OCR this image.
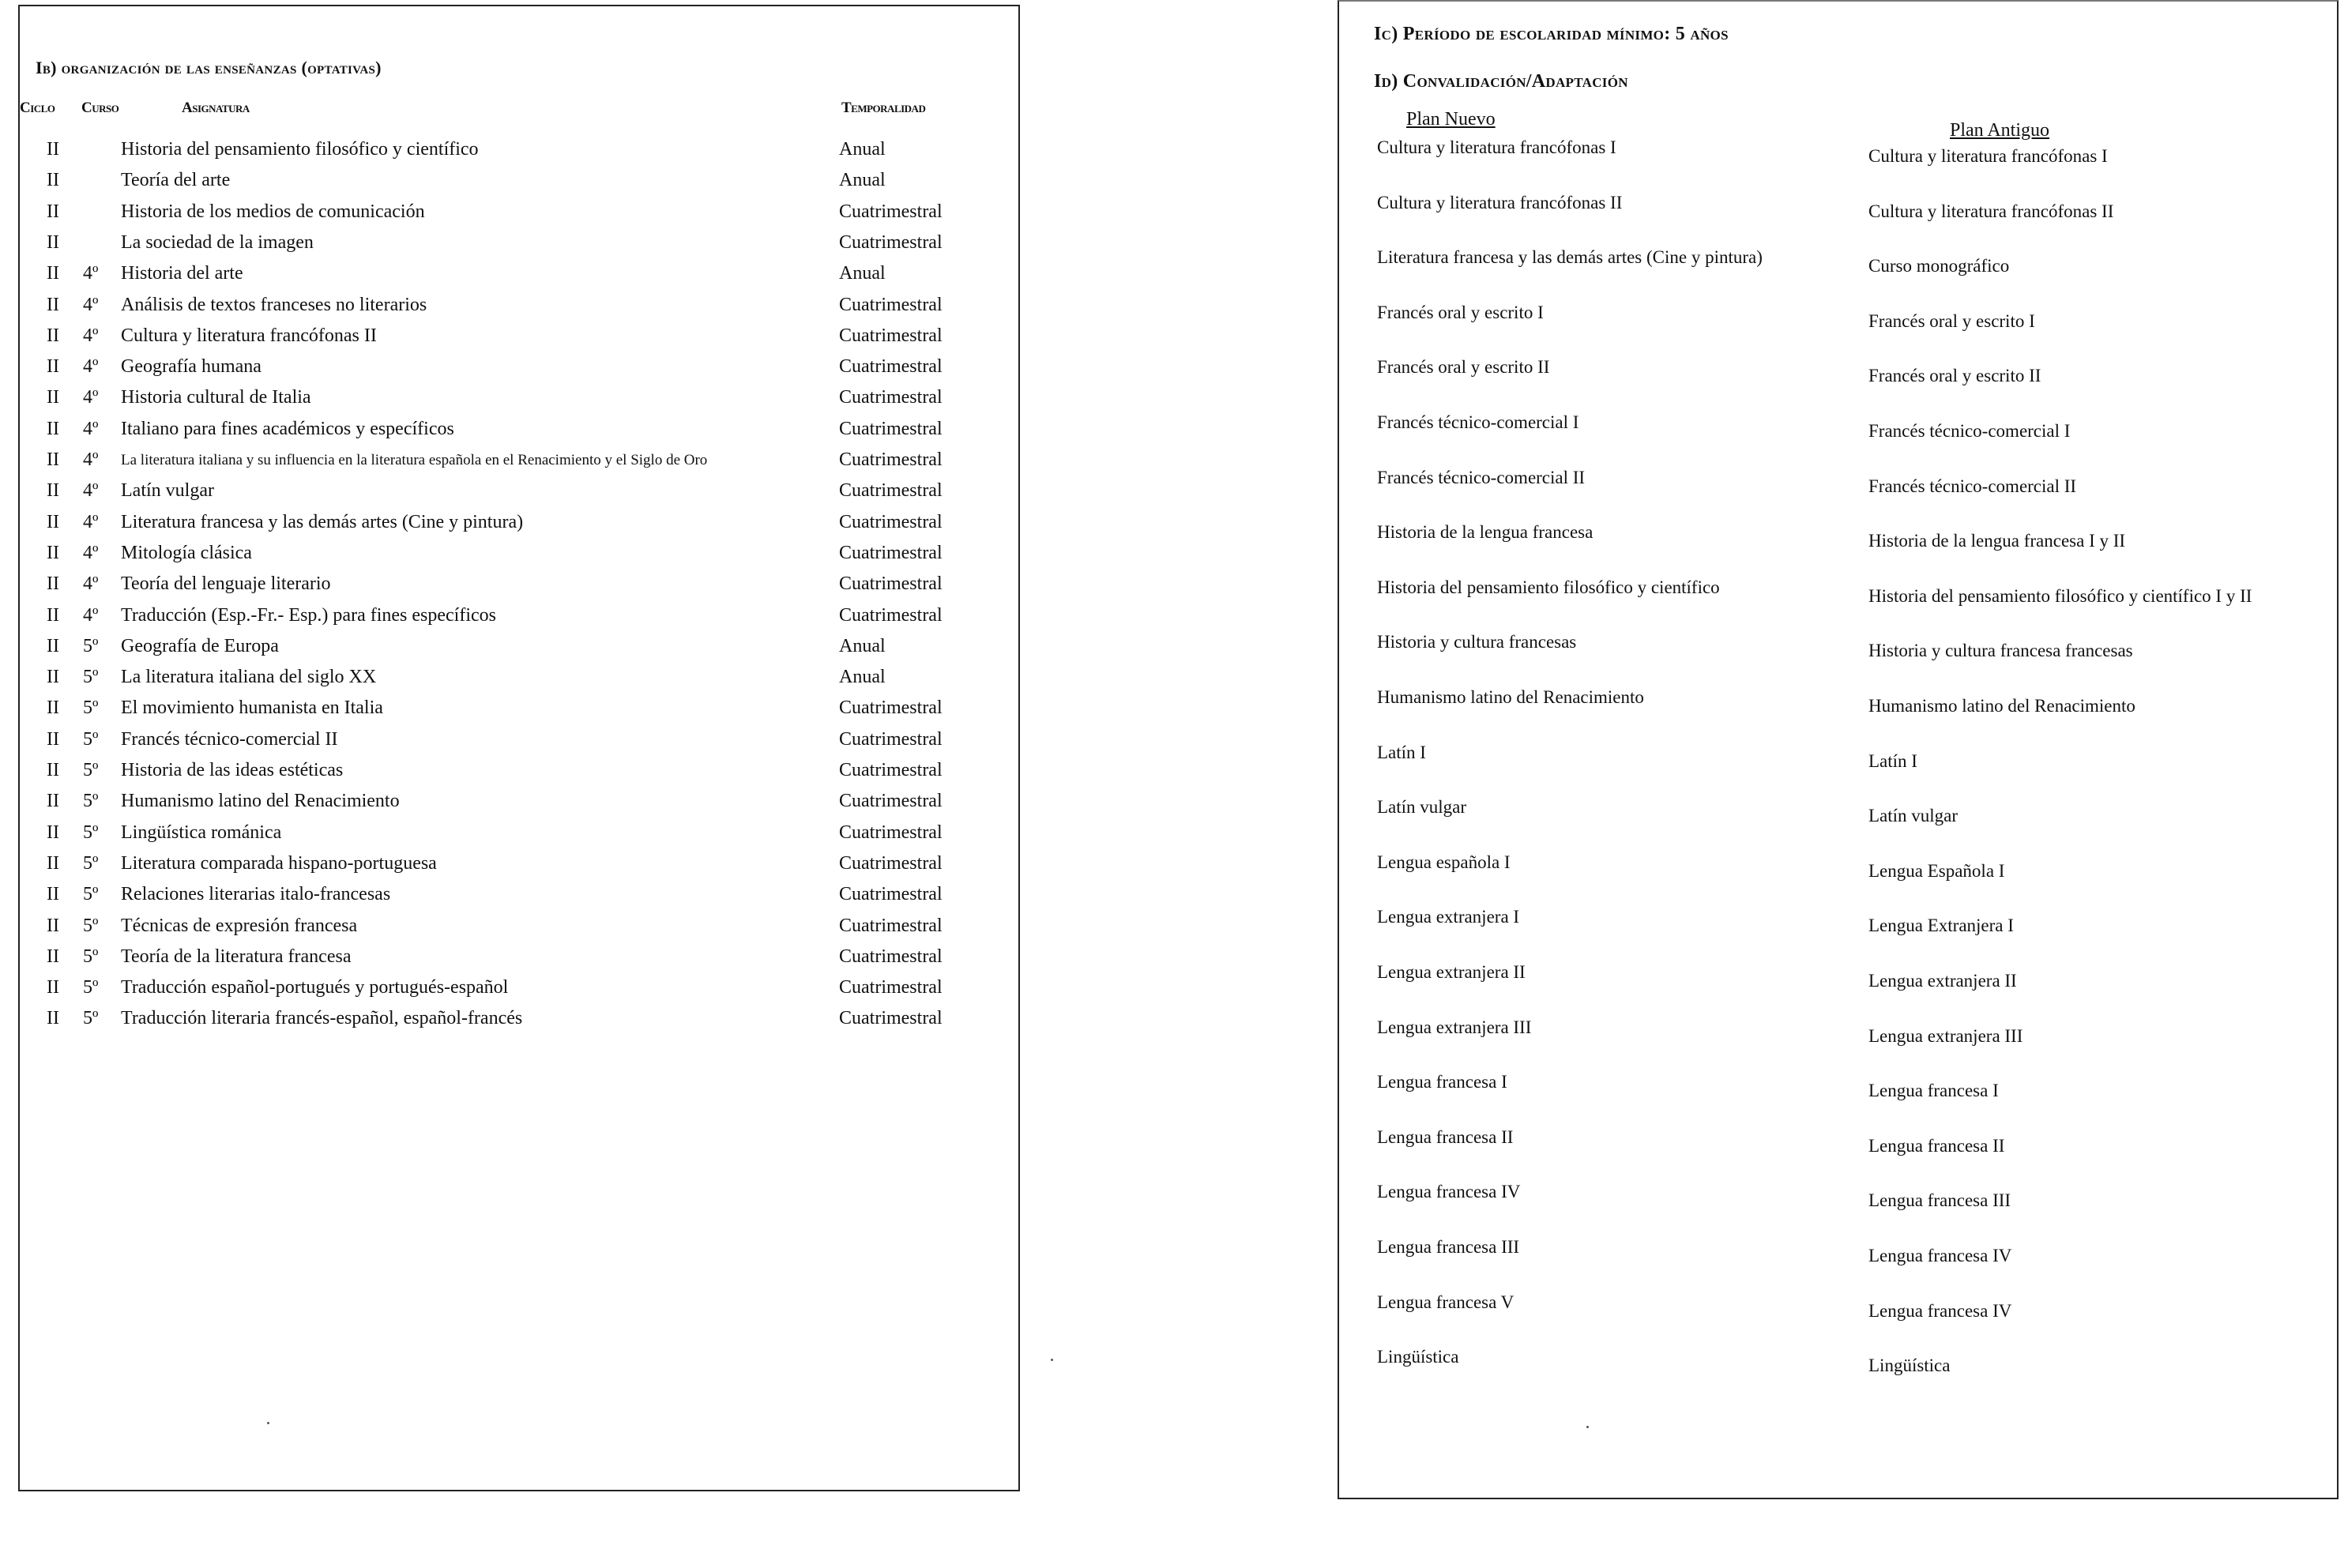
Ib) organización de las enseñanzas (optativas)
Ciclo Curso	Asignatura	Temporalidad
II	Historia del pensamiento filosófico y científico	Anual
II	Teoría del arte	Anual
II	Historia de los medios de comunicación	Cuatrimestral
II	La sociedad de la imagen	Cuatrimestral
II 4º Historia del arte	Anual
II 4º Análisis de textos franceses no literarios	Cuatrimestral
II 4º Cultura y literatura francófonas II	Cuatrimestral
II 4º Geografía humana	Cuatrimestral
II 4º Historia cultural de Italia	Cuatrimestral
II 4º Italiano para fines académicos y específicos	Cuatrimestral
II 4º La literatura italiana y su influencia en la literatura española en el Renacimiento y el Siglo de Oro	Cuatrimestral
II 4º Latín vulgar	Cuatrimestral
II 4º Literatura francesa y las demás artes (Cine y pintura)	Cuatrimestral
II 4º Mitología clásica	Cuatrimestral
II 4º Teoría del lenguaje literario	Cuatrimestral
II 4º Traducción (Esp.-Fr.- Esp.) para fines específicos	Cuatrimestral
II 5º Geografía de Europa	Anual
II 5º La literatura italiana del siglo XX	Anual
II 5º El movimiento humanista en Italia	Cuatrimestral
II 5º Francés técnico-comercial II	Cuatrimestral
II 5º Historia de las ideas estéticas	Cuatrimestral
II 5º Humanismo latino del Renacimiento	Cuatrimestral
II 5º Lingüística románica	Cuatrimestral
II 5º Literatura comparada hispano-portuguesa	Cuatrimestral
II 5º Relaciones literarias italo-francesas	Cuatrimestral
II 5º Técnicas de expresión francesa	Cuatrimestral
II 5º Teoría de la literatura francesa	Cuatrimestral
II 5º Traducción español-portugués y portugués-español	Cuatrimestral
II 5º Traducción literaria francés-español, español-francés	Cuatrimestral
Ic) Período de escolaridad mínimo: 5 años
Id) Convalidación/Adaptación
Plan Nuevo
Plan Antiguo
Cultura y literatura francófonas I	Cultura y literatura francófonas I
Cultura y literatura francófonas II	Cultura y literatura francófonas II
Literatura francesa y las demás artes (Cine y pintura)	Curso monográfico
Francés oral y escrito I	Francés oral y escrito I
Francés oral y escrito II	Francés oral y escrito II
Francés técnico-comercial I	Francés técnico-comercial I
Francés técnico-comercial II	Francés técnico-comercial II
Historia de la lengua francesa	Historia de la lengua francesa I y II
Historia del pensamiento filosófico y científico	Historia del pensamiento filosófico y científico I y II
Historia y cultura francesas	Historia y cultura francesa francesas
Humanismo latino del Renacimiento	Humanismo latino del Renacimiento
Latín I	Latín I
Latín vulgar	Latín vulgar
Lengua española I	Lengua Española I
Lengua extranjera I	Lengua Extranjera I
Lengua extranjera II	Lengua extranjera II
Lengua extranjera III	Lengua extranjera III
Lengua francesa I	Lengua francesa I
Lengua francesa II	Lengua francesa II
Lengua francesa IV	Lengua francesa III
Lengua francesa III	Lengua francesa IV
Lengua francesa V	Lengua francesa IV
Lingüística	Lingüística
